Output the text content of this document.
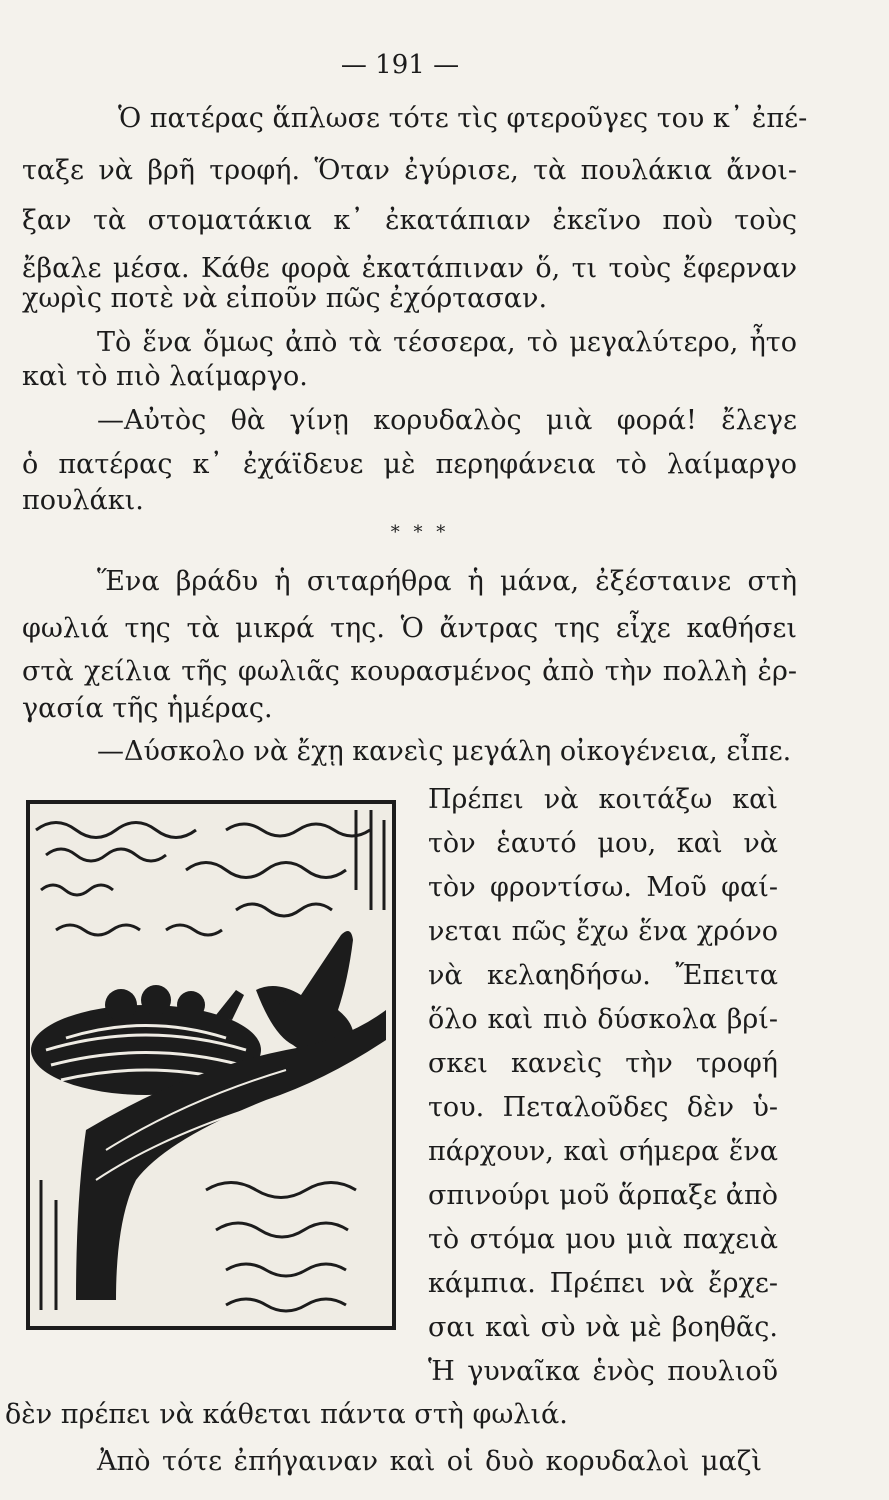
— 191 —
Ὁ πατέρας ἅπλωσε τότε τὶς φτεροῦγες του κ᾽ ἐπέ-
ταξε νὰ βρῆ τροφή. Ὅταν ἐγύρισε, τὰ πουλάκια ἄνοι-
ξαν τὰ στοματάκια κ᾽ ἐκατάπιαν ἐκεῖνο ποὺ τοὺς
ἔβαλε μέσα. Κάθε φορὰ ἐκατάπιναν ὅ, τι τοὺς ἔφερναν
χωρὶς ποτὲ νὰ εἰποῦν πῶς ἐχόρτασαν.
Τὸ ἕνα ὅμως ἀπὸ τὰ τέσσερα, τὸ μεγαλύτερο, ἦτο
καὶ τὸ πιὸ λαίμαργο.
—Αὐτὸς θὰ γίνῃ κορυδαλὸς μιὰ φορά! ἔλεγε
ὁ πατέρας κ᾽ ἐχάϊδευε μὲ περηφάνεια τὸ λαίμαργο
πουλάκι.
* * *
Ἕνα βράδυ ἡ σιταρήθρα ἡ μάνα, ἐξέσταινε στὴ
φωλιά της τὰ μικρά της. Ὁ ἄντρας της εἶχε καθήσει
στὰ χείλια τῆς φωλιᾶς κουρασμένος ἀπὸ τὴν πολλὴ ἐρ-
γασία τῆς ἡμέρας.
—Δύσκολο νὰ ἔχῃ κανεὶς μεγάλη οἰκογένεια, εἶπε.
Πρέπει νὰ κοιτάξω καὶ
τὸν ἑαυτό μου, καὶ νὰ
τὸν φροντίσω. Μοῦ φαί-
νεται πῶς ἔχω ἕνα χρόνο
νὰ κελαηδήσω. Ἔπειτα
ὅλο καὶ πιὸ δύσκολα βρί-
σκει κανεὶς τὴν τροφή
του. Πεταλοῦδες δὲν ὑ-
πάρχουν, καὶ σήμερα ἕνα
σπινούρι μοῦ ἅρπαξε ἀπὸ
τὸ στόμα μου μιὰ παχειὰ
κάμπια. Πρέπει νὰ ἔρχε-
σαι καὶ σὺ νὰ μὲ βοηθᾶς.
Ἡ γυναῖκα ἑνὸς πουλιοῦ
δὲν πρέπει νὰ κάθεται πάντα στὴ φωλιά.
Ἀπὸ τότε ἐπήγαιναν καὶ οἱ δυὸ κορυδαλοὶ μαζὶ
